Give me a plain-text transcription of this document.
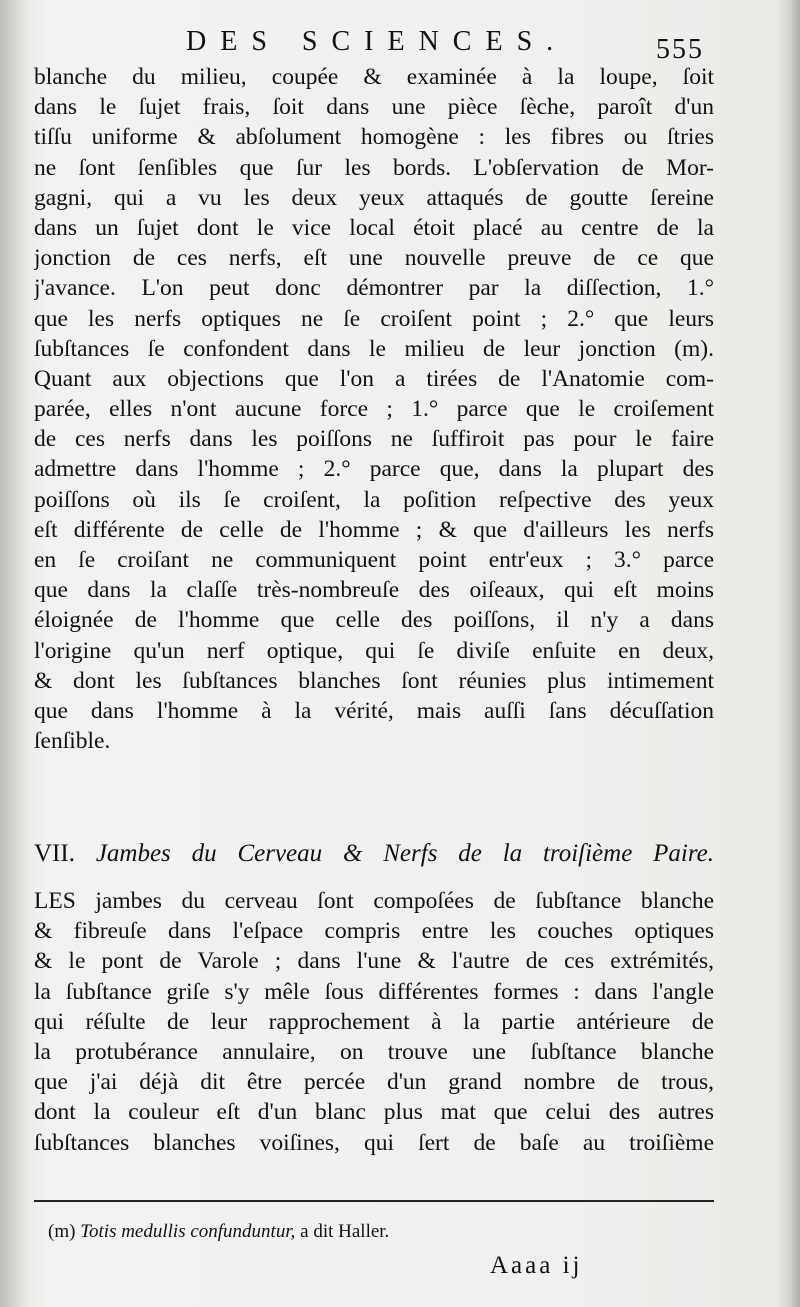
DES SCIENCES.	555
blanche du milieu, coupée & examinée à la loupe, ſoit
dans le ſujet frais, ſoit dans une pièce ſèche, paroît d'un
tiſſu uniforme & abſolument homogène : les fibres ou ſtries
ne ſont ſenſibles que ſur les bords. L'obſervation de Mor-
gagni, qui a vu les deux yeux attaqués de goutte ſereine
dans un ſujet dont le vice local étoit placé au centre de la
jonction de ces nerfs, eſt une nouvelle preuve de ce que
j'avance. L'on peut donc démontrer par la diſſection, 1.°
que les nerfs optiques ne ſe croiſent point ; 2.° que leurs
ſubſtances ſe confondent dans le milieu de leur jonction (m).
Quant aux objections que l'on a tirées de l'Anatomie com-
parée, elles n'ont aucune force ; 1.° parce que le croiſement
de ces nerfs dans les poiſſons ne ſuffiroit pas pour le faire
admettre dans l'homme ; 2.° parce que, dans la plupart des
poiſſons où ils ſe croiſent, la poſition reſpective des yeux
eſt différente de celle de l'homme ; & que d'ailleurs les nerfs
en ſe croiſant ne communiquent point entr'eux ; 3.° parce
que dans la claſſe très-nombreuſe des oiſeaux, qui eſt moins
éloignée de l'homme que celle des poiſſons, il n'y a dans
l'origine qu'un nerf optique, qui ſe diviſe enſuite en deux,
& dont les ſubſtances blanches ſont réunies plus intimement
que dans l'homme à la vérité, mais auſſi ſans décuſſation
ſenſible.
VII. Jambes du Cerveau & Nerfs de la troiſième Paire.
LES jambes du cerveau ſont compoſées de ſubſtance blanche
& fibreuſe dans l'eſpace compris entre les couches optiques
& le pont de Varole ; dans l'une & l'autre de ces extrémités,
la ſubſtance griſe s'y mêle ſous différentes formes : dans l'angle
qui réſulte de leur rapprochement à la partie antérieure de
la protubérance annulaire, on trouve une ſubſtance blanche
que j'ai déjà dit être percée d'un grand nombre de trous,
dont la couleur eſt d'un blanc plus mat que celui des autres
ſubſtances blanches voiſines, qui ſert de baſe au troiſième
(m) Totis medullis confunduntur, a dit Haller.
Aaaa ij
